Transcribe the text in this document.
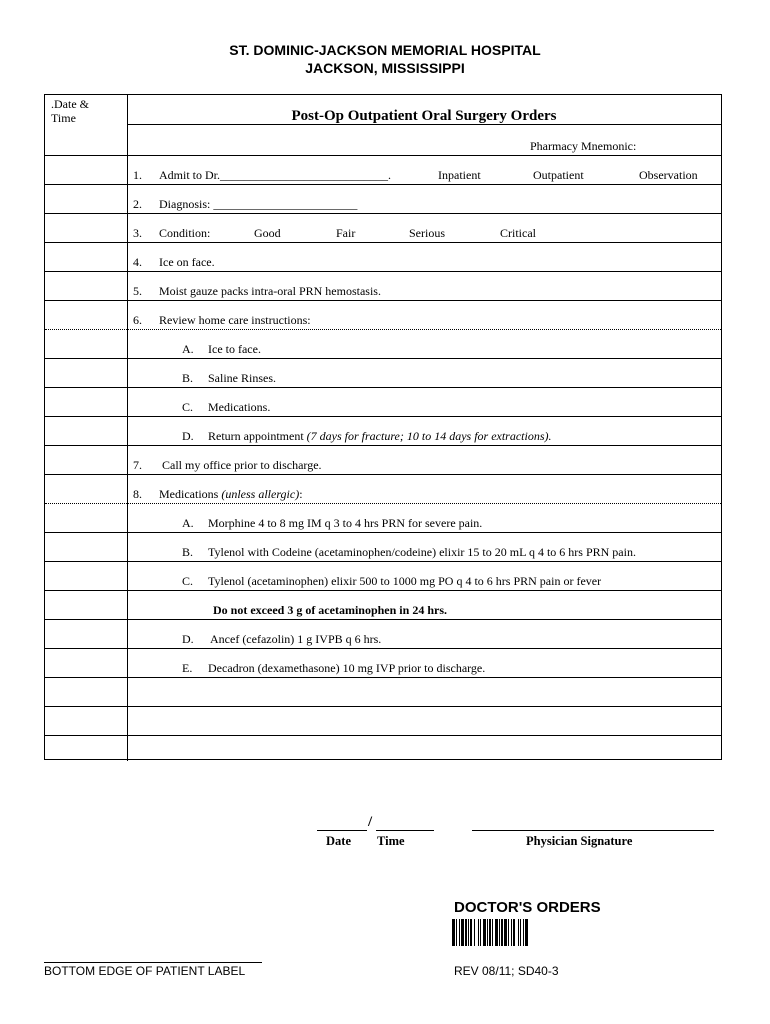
ST. DOMINIC-JACKSON MEMORIAL HOSPITAL
JACKSON, MISSISSIPPI
.Date &
Time	Post-Op Outpatient Oral Surgery Orders
Pharmacy Mnemonic:
1. Admit to Dr.____________________________.	Inpatient	Outpatient	Observation
2. Diagnosis: ________________________
3. Condition:	Good	Fair	Serious	Critical
4. Ice on face.
5. Moist gauze packs intra-oral PRN hemostasis.
6. Review home care instructions:
A. Ice to face.
B. Saline Rinses.
C. Medications.
D. Return appointment (7 days for fracture; 10 to 14 days for extractions).
7. Call my office prior to discharge.
8. Medications (unless allergic):
A. Morphine 4 to 8 mg IM q 3 to 4 hrs PRN for severe pain.
B. Tylenol with Codeine (acetaminophen/codeine) elixir 15 to 20 mL q 4 to 6 hrs PRN pain.
C. Tylenol (acetaminophen) elixir 500 to 1000 mg PO q 4 to 6 hrs PRN pain or fever
Do not exceed 3 g of acetaminophen in 24 hrs.
D. Ancef (cefazolin) 1 g IVPB q 6 hrs.
E. Decadron (dexamethasone) 10 mg IVP prior to discharge.
/
Date Time	Physician Signature
DOCTOR'S ORDERS
BOTTOM EDGE OF PATIENT LABEL	REV 08/11; SD40-3
